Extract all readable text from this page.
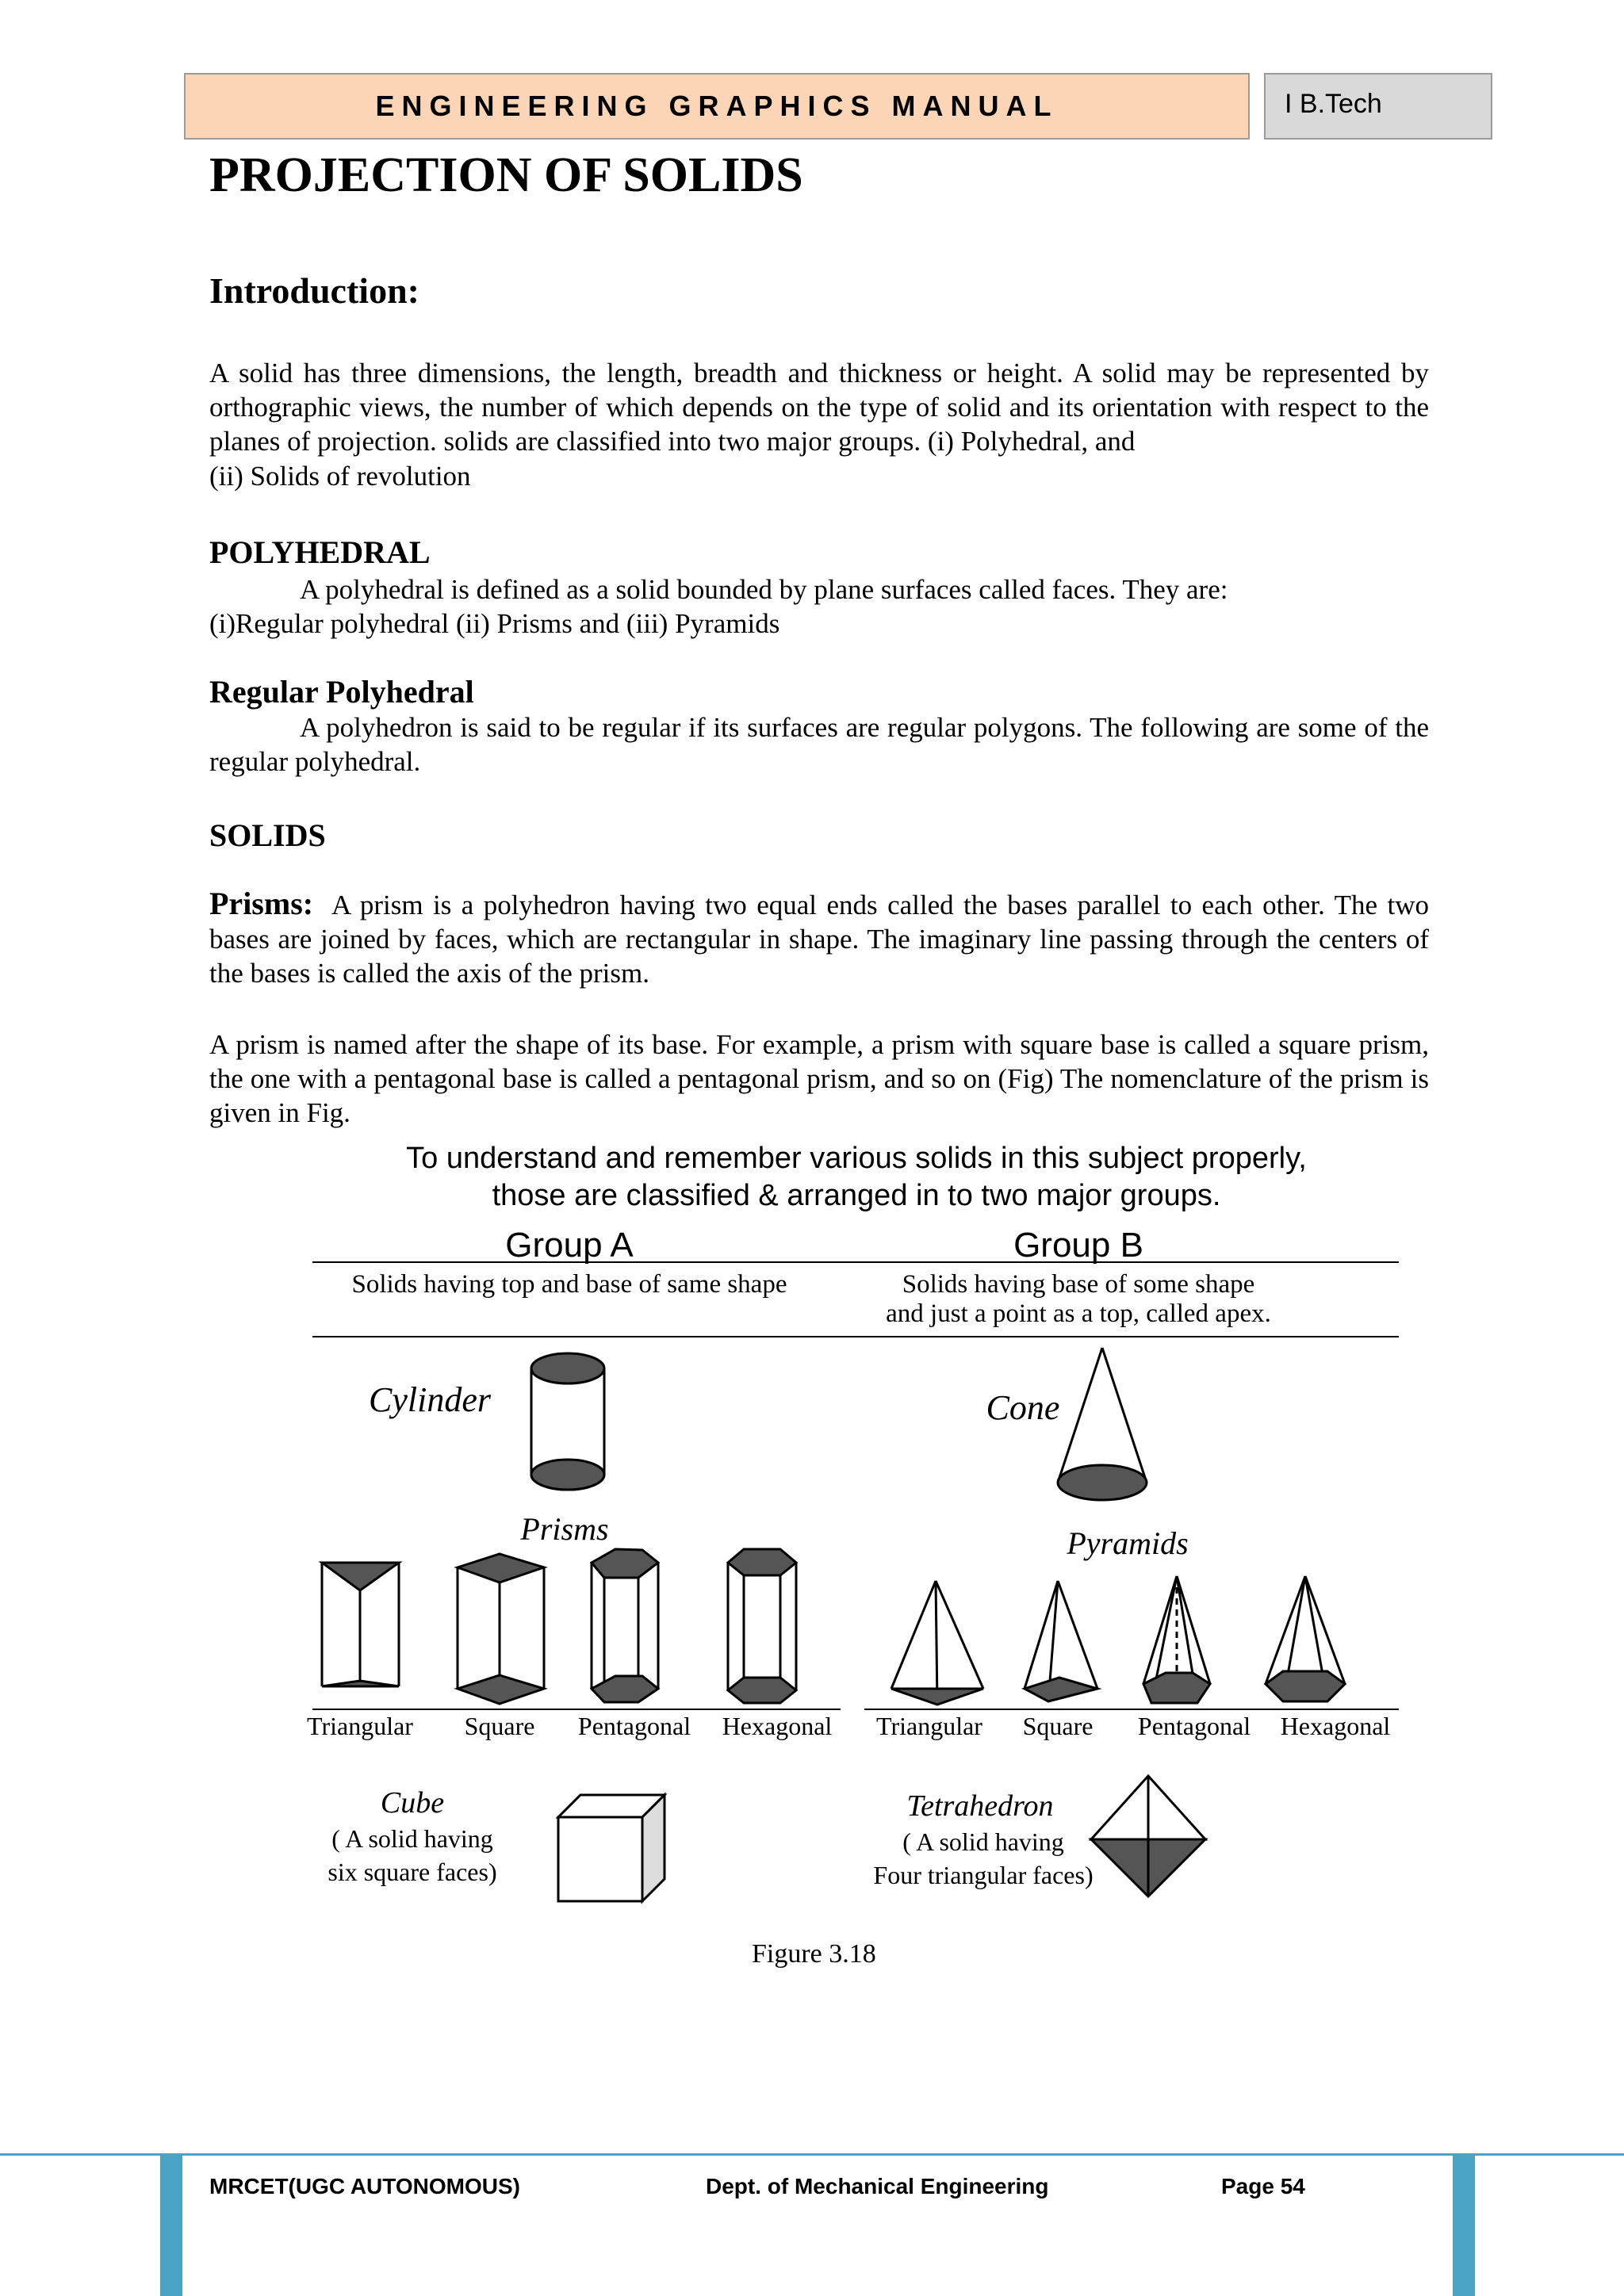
ENGINEERING GRAPHICS MANUAL	I B.Tech
PROJECTION OF SOLIDS
Introduction:

A solid has three dimensions, the length, breadth and thickness or height. A solid may be represented by orthographic views, the number of which depends on the type of solid and its orientation with respect to the planes of projection. solids are classified into two major groups. (i) Polyhedral, and

(ii) Solids of revolution

POLYHEDRAL

A polyhedral is defined as a solid bounded by plane surfaces called faces. They are:

(i)Regular polyhedral (ii) Prisms and (iii) Pyramids

Regular Polyhedral

A polyhedron is said to be regular if its surfaces are regular polygons. The following are some of the regular polyhedral.

SOLIDS

Prisms: A prism is a polyhedron having two equal ends called the bases parallel to each other. The two bases are joined by faces, which are rectangular in shape. The imaginary line passing through the centers of the bases is called the axis of the prism.

A prism is named after the shape of its base. For example, a prism with square base is called a square prism, the one with a pentagonal base is called a pentagonal prism, and so on (Fig) The nomenclature of the prism is given in Fig.

To understand and remember various solids in this subject properly,
those are classified & arranged in to two major groups.
Group A	Group B
Solids having top and base of same shape	Solids having base of some shape
and just a point as a top, called apex.
Cylinder	Cone
Prisms	Pyramids
Triangular Square Pentagonal Hexagonal Triangular Square Pentagonal Hexagonal
Cube
( A solid having
six square faces)
Tetrahedron
( A solid having
Four triangular faces)

Figure 3.18

MRCET(UGC AUTONOMOUS)	Dept. of Mechanical Engineering	Page 54
